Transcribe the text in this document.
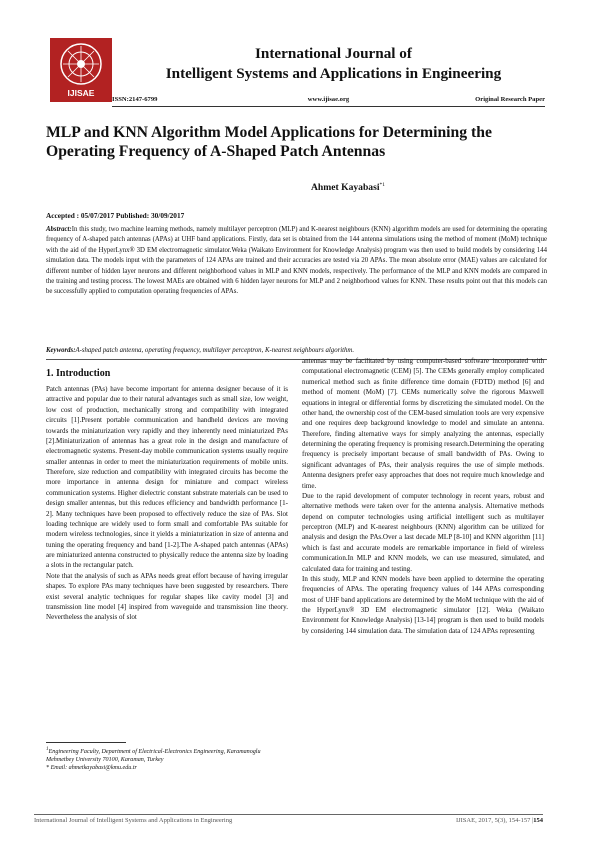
IJISAE
International Journal of
Intelligent Systems and Applications in Engineering
ISSN:2147-6799	www.ijisae.org	Original Research Paper
MLP and KNN Algorithm Model Applications for Determining the Operating Frequency of A-Shaped Patch Antennas
Ahmet Kayabasi$^{*1}$
Accepted : 05/07/2017 Published: 30/09/2017
Abstract:In this study, two machine learning methods, namely multilayer perceptron (MLP) and K-nearest neighbours (KNN) algorithm models are used for determining the operating frequency of A-shaped patch antennas (APAs) at UHF band applications. Firstly, data set is obtained from the 144 antenna simulations using the method of moment (MoM) technique with the aid of the HyperLynx® 3D EM electromagnetic simulator.Weka (Waikato Environment for Knowledge Analysis) program was then used to build models by considering 144 simulation data. The models input with the parameters of 124 APAs are trained and their accuracies are tested via 20 APAs. The mean absolute error (MAE) values are calculated for different number of hidden layer neurons and different neighborhood values in MLP and KNN models, respectively. The performance of the MLP and KNN models are compared in the training and testing process. The lowest MAEs are obtained with 6 hidden layer neurons for MLP and 2 neighborhood values for KNN. These results point out that this models can be successfully applied to computation operating frequencies of APAs.
Keywords:A-shaped patch antenna, operating frequency, multilayer perceptron, K-nearest neighbours algorithm.
1. Introduction

Patch antennas (PAs) have become important for antenna designer because of it is attractive and popular due to their natural advantages such as small size, low weight, low cost of production, mechanically strong and compatibility with integrated circuits [1].Present portable communication and handheld devices are moving towards the miniaturization very rapidly and they inherently need miniaturized PAs [2].Miniaturization of antennas has a great role in the design and manufacture of electromagnetic systems. Present-day mobile communication systems usually require smaller antennas in order to meet the miniaturization requirements of mobile units. Therefore, size reduction and compatibility with integrated circuits has become the more importance in antenna design for miniature and compact wireless communication systems. Higher dielectric constant substrate materials can be used to design smaller antennas, but this reduces efficiency and bandwidth performance [1-2]. Many techniques have been proposed to effectively reduce the size of PAs. Slot loading technique are widely used to form small and comfortable PAs suitable for modern wireless technologies, since it yields a miniaturization in size of antenna and tuning the operating frequency and band [1-2].The A-shaped patch antennas (APAs) are miniaturized antenna constructed to physically reduce the antenna size by loading a slots in the rectangular patch.

Note that the analysis of such as APAs needs great effort because of having irregular shapes. To explore PAs many techniques have been suggested by researchers. There exist several analytic techniques for regular shapes like cavity model [3] and transmission line model [4] inspired from waveguide and transmission line theory. Nevertheless the analysis of slot

antennas may be facilitated by using computer-based software incorporated with computational electromagnetic (CEM) [5]. The CEMs generally employ complicated numerical method such as finite difference time domain (FDTD) method [6] and method of moment (MoM) [7]. CEMs numerically solve the rigorous Maxwell equations in integral or differential forms by discretizing the simulated model. On the other hand, the ownership cost of the CEM-based simulation tools are very expensive and one requires deep background knowledge to model and simulate an antenna. Therefore, finding alternative ways for simply analyzing the antennas, especially determining the operating frequency is promising research.Determining the operating frequency is precisely important because of small bandwidth of PAs. Owing to significant advantages of PAs, their analysis requires the use of simple methods. Antenna designers prefer easy approaches that does not require much knowledge and time.

Due to the rapid development of computer technology in recent years, robust and alternative methods were taken over for the antenna analysis. Alternative methods depend on computer technologies using artificial intelligent such as multilayer perceptron (MLP) and K-nearest neighbours (KNN) algorithm can be utilized for analysis and design the PAs.Over a last decade MLP [8-10] and KNN algorithm [11] which is fast and accurate models are remarkable importance in field of wireless communication.In MLP and KNN models, we can use measured, simulated, and calculated data for training and testing.

In this study, MLP and KNN models have been applied to determine the operating frequencies of APAs. The operating frequency values of 144 APAs corresponding most of UHF band applications are determined by the MoM technique with the aid of the HyperLynx® 3D EM electromagnetic simulator [12]. Weka (Waikato Environment for Knowledge Analysis) [13-14] program is then used to build models by considering 144 simulation data. The simulation data of 124 APAs representing

$^1$Engineering Faculty, Department of Electrical-Electronics Engineering, Karamanoglu Mehmetbey University 70100, Karaman, Turkey

* Email: ahmetkayabasi@kmu.edu.tr

International Journal of Intelligent Systems and Applications in Engineering	IJISAE, 2017, 5(3), 154-157 |154
